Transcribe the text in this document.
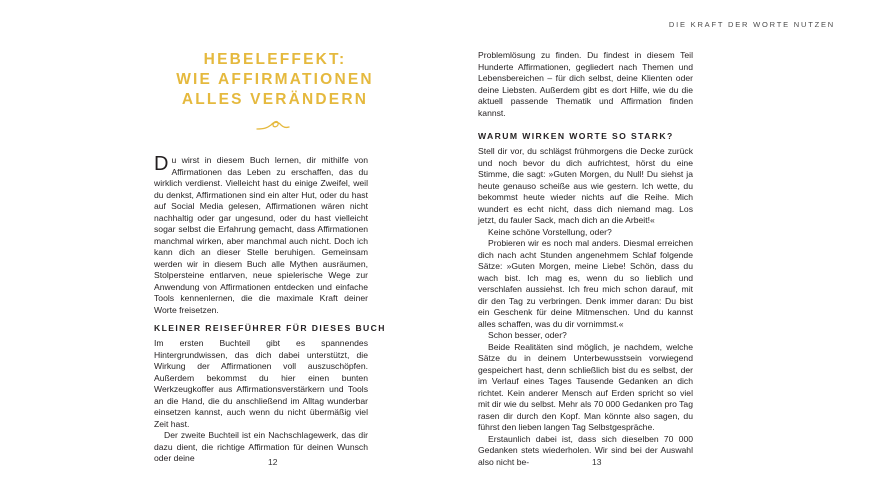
HEBELEFFEKT:
WIE AFFIRMATIONEN
ALLES VERÄNDERN

Du wirst in diesem Buch lernen, dir mithilfe von Affirmationen das Leben zu erschaffen, das du wirklich verdienst. Vielleicht hast du einige Zweifel, weil du denkst, Affirmationen sind ein alter Hut, oder du hast auf Social Media gelesen, Affirmationen wären nicht nachhaltig oder gar ungesund, oder du hast vielleicht sogar selbst die Erfahrung gemacht, dass Affirmationen manchmal wirken, aber manchmal auch nicht. Doch ich kann dich an dieser Stelle beruhigen. Gemeinsam werden wir in diesem Buch alle Mythen ausräumen, Stolpersteine entlarven, neue spielerische Wege zur Anwendung von Affirmationen entdecken und einfache Tools kennenlernen, die die maximale Kraft deiner Worte freisetzen.

KLEINER REISEFÜHRER FÜR DIESES BUCH

Im ersten Buchteil gibt es spannendes Hintergrundwissen, das dich dabei unterstützt, die Wirkung der Affirmationen voll auszuschöpfen. Außerdem bekommst du hier einen bunten Werkzeugkoffer aus Affirmationsverstärkern und Tools an die Hand, die du anschließend im Alltag wunderbar einsetzen kannst, auch wenn du nicht übermäßig viel Zeit hast.

Der zweite Buchteil ist ein Nachschlagewerk, das dir dazu dient, die richtige Affirmation für deinen Wunsch oder deine	12
DIE KRAFT DER WORTE NUTZEN

Problemlösung zu finden. Du findest in diesem Teil Hunderte Affirmationen, gegliedert nach Themen und Lebensbereichen – für dich selbst, deine Klienten oder deine Liebsten. Außerdem gibt es dort Hilfe, wie du die aktuell passende Thematik und Affirmation finden kannst.

WARUM WIRKEN WORTE SO STARK?

Stell dir vor, du schlägst frühmorgens die Decke zurück und noch bevor du dich aufrichtest, hörst du eine Stimme, die sagt: »Guten Morgen, du Null! Du siehst ja heute genauso scheiße aus wie gestern. Ich wette, du bekommst heute wieder nichts auf die Reihe. Mich wundert es echt nicht, dass dich niemand mag. Los jetzt, du fauler Sack, mach dich an die Arbeit!«

Keine schöne Vorstellung, oder?

Probieren wir es noch mal anders. Diesmal erreichen dich nach acht Stunden angenehmem Schlaf folgende Sätze: »Guten Morgen, meine Liebe! Schön, dass du wach bist. Ich mag es, wenn du so lieblich und verschlafen aussiehst. Ich freu mich schon darauf, mit dir den Tag zu verbringen. Denk immer daran: Du bist ein Geschenk für deine Mitmenschen. Und du kannst alles schaffen, was du dir vornimmst.«

Schon besser, oder?

Beide Realitäten sind möglich, je nachdem, welche Sätze du in deinem Unterbewusstsein vorwiegend gespeichert hast, denn schließlich bist du es selbst, der im Verlauf eines Tages Tausende Gedanken an dich richtet. Kein anderer Mensch auf Erden spricht so viel mit dir wie du selbst. Mehr als 70 000 Gedanken pro Tag rasen dir durch den Kopf. Man könnte also sagen, du führst den lieben langen Tag Selbstgespräche.

Erstaunlich dabei ist, dass sich dieselben 70 000 Gedanken stets wiederholen. Wir sind bei der Auswahl also nicht be-	13
